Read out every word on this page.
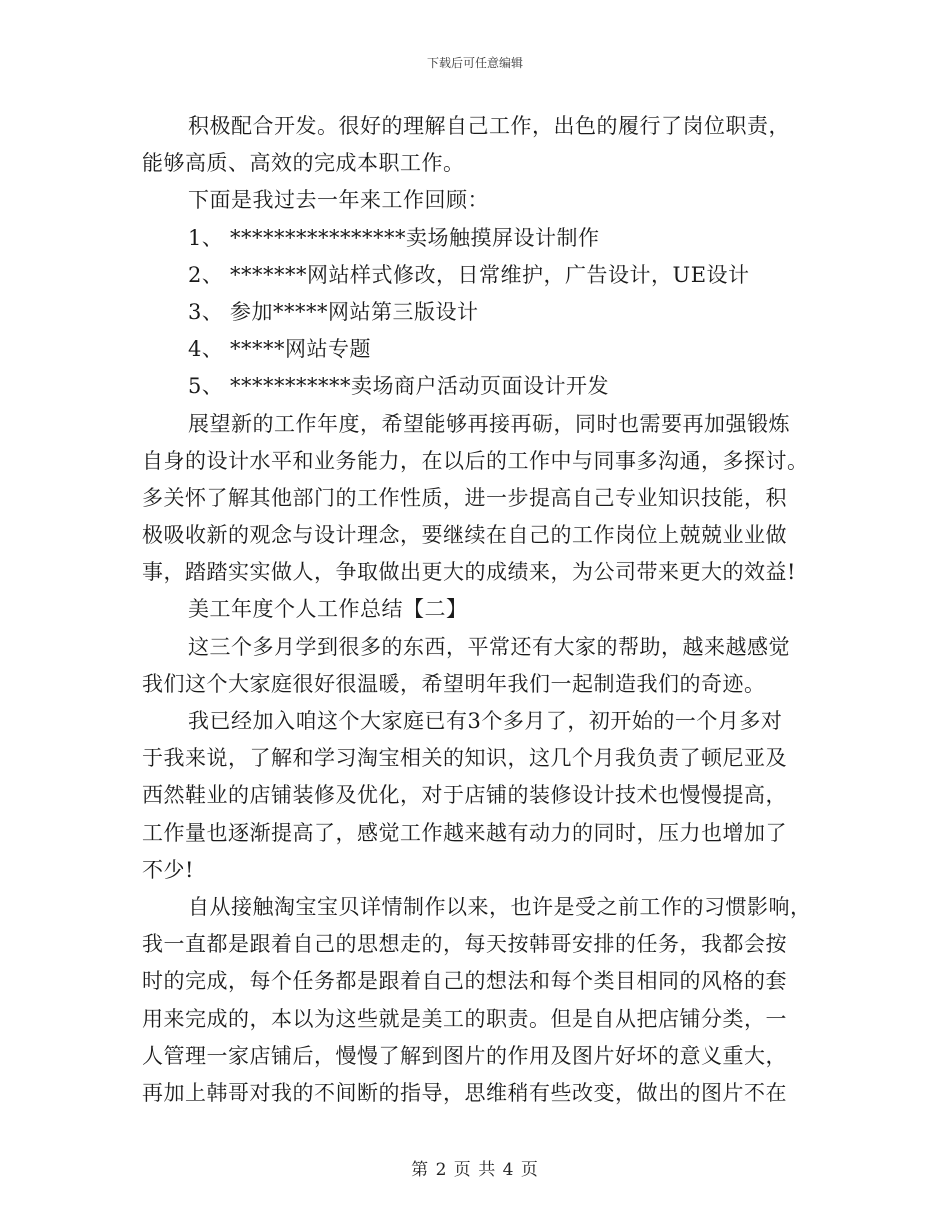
下载后可任意编辑
积极配合开发。很好的理解自己工作，出色的履行了岗位职责，
能够高质、高效的完成本职工作。
下面是我过去一年来工作回顾：
1、 ****************卖场触摸屏设计制作
2、 *******网站样式修改，日常维护，广告设计，UE设计
3、 参加*****网站第三版设计
4、 *****网站专题
5、 ***********卖场商户活动页面设计开发
展望新的工作年度，希望能够再接再砺，同时也需要再加强锻炼
自身的设计水平和业务能力，在以后的工作中与同事多沟通，多探讨。
多关怀了解其他部门的工作性质，进一步提高自己专业知识技能，积
极吸收新的观念与设计理念，要继续在自己的工作岗位上兢兢业业做
事，踏踏实实做人，争取做出更大的成绩来，为公司带来更大的效益!
美工年度个人工作总结【二】
这三个多月学到很多的东西，平常还有大家的帮助，越来越感觉
我们这个大家庭很好很温暖，希望明年我们一起制造我们的奇迹。
我已经加入咱这个大家庭已有3个多月了，初开始的一个月多对
于我来说，了解和学习淘宝相关的知识，这几个月我负责了顿尼亚及
西然鞋业的店铺装修及优化，对于店铺的装修设计技术也慢慢提高，
工作量也逐渐提高了，感觉工作越来越有动力的同时，压力也增加了
不少!
自从接触淘宝宝贝详情制作以来，也许是受之前工作的习惯影响，
我一直都是跟着自己的思想走的，每天按韩哥安排的任务，我都会按
时的完成，每个任务都是跟着自己的想法和每个类目相同的风格的套
用来完成的，本以为这些就是美工的职责。但是自从把店铺分类，一
人管理一家店铺后，慢慢了解到图片的作用及图片好坏的意义重大，
再加上韩哥对我的不间断的指导，思维稍有些改变，做出的图片不在
第 2 页 共 4 页
